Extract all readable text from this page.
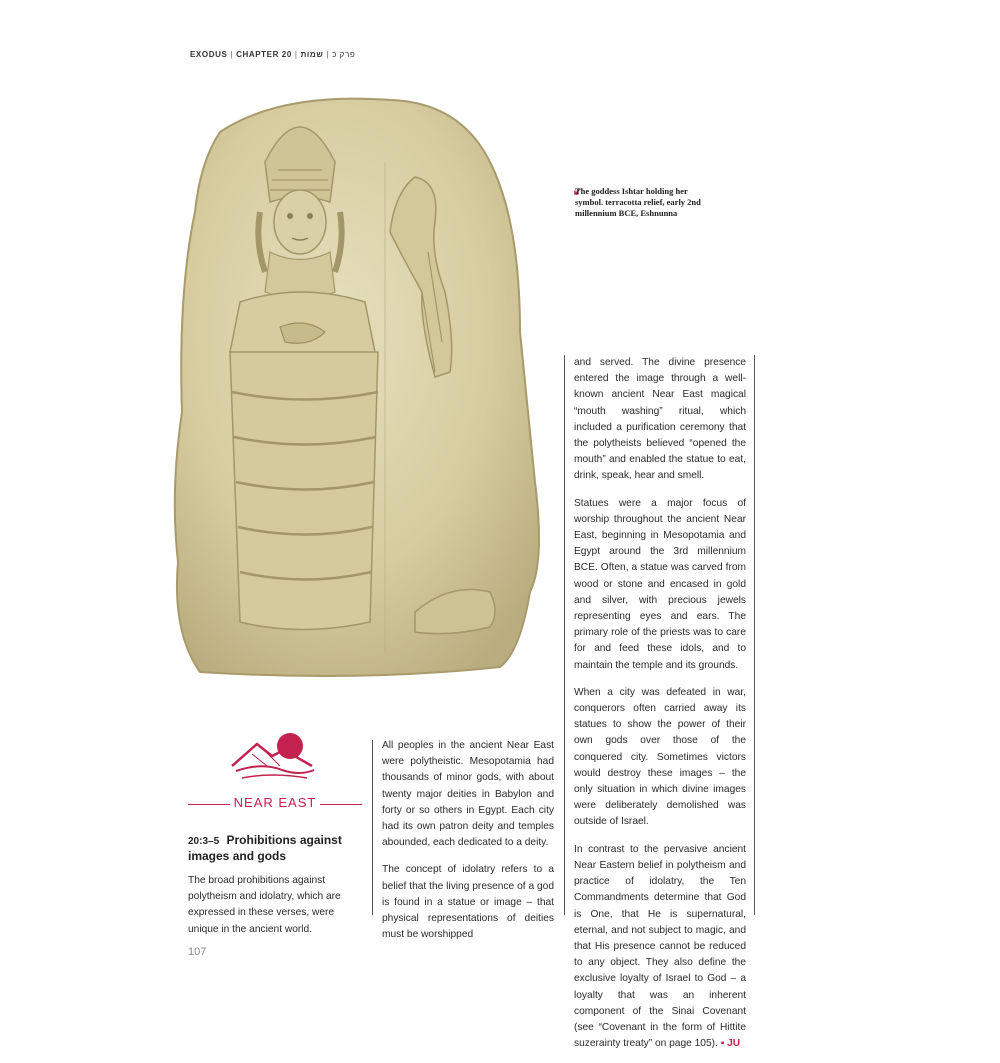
EXODUS | CHAPTER 20 |	פרק כ|שמות
The goddess Ishtar holding her symbol. terracotta relief, early 2nd millennium BCE, Eshnunna
NEAR EAST
20:3–5 Prohibitions against images and gods
The broad prohibitions against polytheism and idolatry, which are expressed in these verses, were unique in the ancient world.

All peoples in the ancient Near East were polytheistic. Mesopotamia had thousands of minor gods, with about twenty major deities in Babylon and forty or so others in Egypt. Each city had its own patron deity and temples abounded, each dedicated to a deity.

The concept of idolatry refers to a belief that the living presence of a god is found in a statue or image – that physical representations of deities must be worshipped

and served. The divine presence entered the image through a well-known ancient Near East magical “mouth washing” ritual, which included a purification ceremony that the polytheists believed “opened the mouth” and enabled the statue to eat, drink, speak, hear and smell.

Statues were a major focus of worship throughout the ancient Near East, beginning in Mesopotamia and Egypt around the 3rd millennium BCE. Often, a statue was carved from wood or stone and encased in gold and silver, with precious jewels representing eyes and ears. The primary role of the priests was to care for and feed these idols, and to maintain the temple and its grounds.

When a city was defeated in war, conquerors often carried away its statues to show the power of their own gods over those of the conquered city. Sometimes victors would destroy these images – the only situation in which divine images were deliberately demolished was outside of Israel.

In contrast to the pervasive ancient Near Eastern belief in polytheism and practice of idolatry, the Ten Commandments determine that God is One, that He is supernatural, eternal, and not subject to magic, and that His presence cannot be reduced to any object. They also define the exclusive loyalty of Israel to God – a loyalty that was an inherent component of the Sinai Covenant (see “Covenant in the form of Hittite suzerainty treaty” on page 105). ▪ JU

107
